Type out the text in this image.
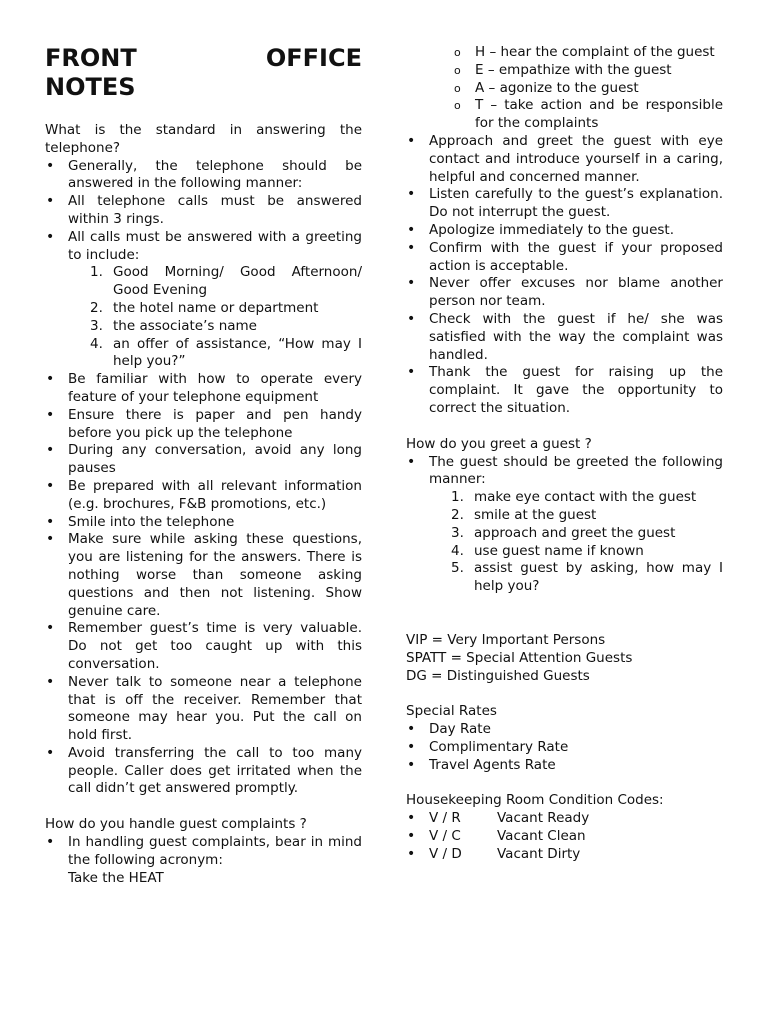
FRONT	OFFICE
NOTES

What is the standard in answering the telephone?

• Generally, the telephone should be answered in the following manner:
• All telephone calls must be answered within 3 rings.
• All calls must be answered with a greeting to include:
1. Good Morning/ Good Afternoon/ Good Evening
2. the hotel name or department
3. the associate’s name
4. an offer of assistance, “How may I help you?”
• Be familiar with how to operate every feature of your telephone equipment
• Ensure there is paper and pen handy before you pick up the telephone
• During any conversation, avoid any long pauses
• Be prepared with all relevant information (e.g. brochures, F&B promotions, etc.)
• Smile into the telephone
• Make sure while asking these questions, you are listening for the answers. There is nothing worse than someone asking questions and then not listening. Show genuine care.
• Remember guest’s time is very valuable. Do not get too caught up with this conversation.
• Never talk to someone near a telephone that is off the receiver. Remember that someone may hear you. Put the call on hold first.
• Avoid transferring the call to too many people. Caller does get irritated when the call didn’t get answered promptly.

How do you handle guest complaints ?

• In handling guest complaints, bear in mind the following acronym:
Take the HEAT
o H – hear the complaint of the guest
o E – empathize with the guest
o A – agonize to the guest
o T – take action and be responsible for the complaints
• Approach and greet the guest with eye contact and introduce yourself in a caring, helpful and concerned manner.
• Listen carefully to the guest’s explanation. Do not interrupt the guest.
• Apologize immediately to the guest.
• Confirm with the guest if your proposed action is acceptable.
• Never offer excuses nor blame another person nor team.
• Check with the guest if he/ she was satisfied with the way the complaint was handled.
• Thank the guest for raising up the complaint. It gave the opportunity to correct the situation.

How do you greet a guest ?

• The guest should be greeted the following manner:
1. make eye contact with the guest
2. smile at the guest
3. approach and greet the guest
4. use guest name if known
5. assist guest by asking, how may I help you?
VIP = Very Important Persons
SPATT = Special Attention Guests
DG = Distinguished Guests
Special Rates
• Day Rate
• Complimentary Rate
• Travel Agents Rate
Housekeeping Room Condition Codes:
• V / R	Vacant Ready
• V / C	Vacant Clean
• V / D	Vacant Dirty
